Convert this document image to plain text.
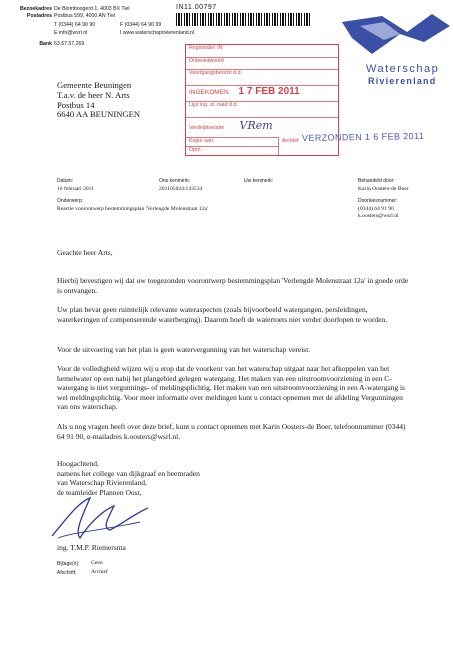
Bezoekadres
Postadres
Bank
De Blomboogerd 1, 4003 BX Tiel
Postbus 599, 4000 AN Tiel
T (0344) 64 90 90
E info@wsrl.nl
63.67.57.269
F (0344) 64 90 99
I www.waterschaprivierenland.nl
IN11.00797
Waterschap
Rivierenland
Registratie: IN
Onbeantwoord
Voortgangsbericht d.d.
INGEKOMEN 1 7 FEB 2011
Lijst ing. st. raad d.d.
Verdelptoelatie VRem
Kopie aan:
Opm.
Archief VERZONDEN 1 6 FEB 2011
Gemeente Beuningen
T.a.v. de heer N. Arts
Postbus 14
6640 AA BEUNINGEN
Datum:
16 februari 2011
Ons kenmerk:
201105024/143534
Uw kenmerk:	Behandeld door:
Karin Oosters-de Boer
Onderwerp:
Reactie voorontwerp bestemmingsplan 'Verlengde Molenstraat 12a'
Doorkiesnummer:
(0344) 64 91 90
k.oosters@wsrl.nl
Geachte heer Arts,
Hierbij bevestigen wij dat uw toegezonden voorontwerp bestemmingsplan 'Verlengde Molenstraat 12a' in goede orde is ontvangen.
Uw plan bevat geen ruimtelijk relevante waterаspecten (zoals bijvoorbeeld watergangen, persleidingen, waterkeringen of compenserende waterberging). Daarom hoeft de watertoets niet verder doorlopen te worden.
Voor de uitvoering van het plan is geen watervergunning van het waterschap vereist.
Voor de volledigheid wijzen wij u erop dat de voorkeur van het waterschap uitgaat naar het afkoppelen van het hemelwater op een nabij het plangebied gelegen watergang. Het maken van een uitstroomvoorziening in een C-watergang is niet vergunnings- of meldingsplichtig. Het maken van een uitstroomvoorziening in een A-watergang is wel meldingsplichtig. Voor meer informatie over meldingen kunt u contact opnemen met de afdeling Vergunningen van ons waterschap.
Als u nog vragen heeft over deze brief, kunt u contact opnemen met Karin Oosters-de Boer, telefoonnummer (0344) 64 91 90, e-mailadres k.oosters@wsrl.nl.
Hoogachtend,
namens het college van dijkgraaf en heemraden
van Waterschap Rivierenland,
de teamleider Plannen Oost,
ing. T.M.P. Riemersma
Bijlage(n): Geen
Afschrift:	Archief
